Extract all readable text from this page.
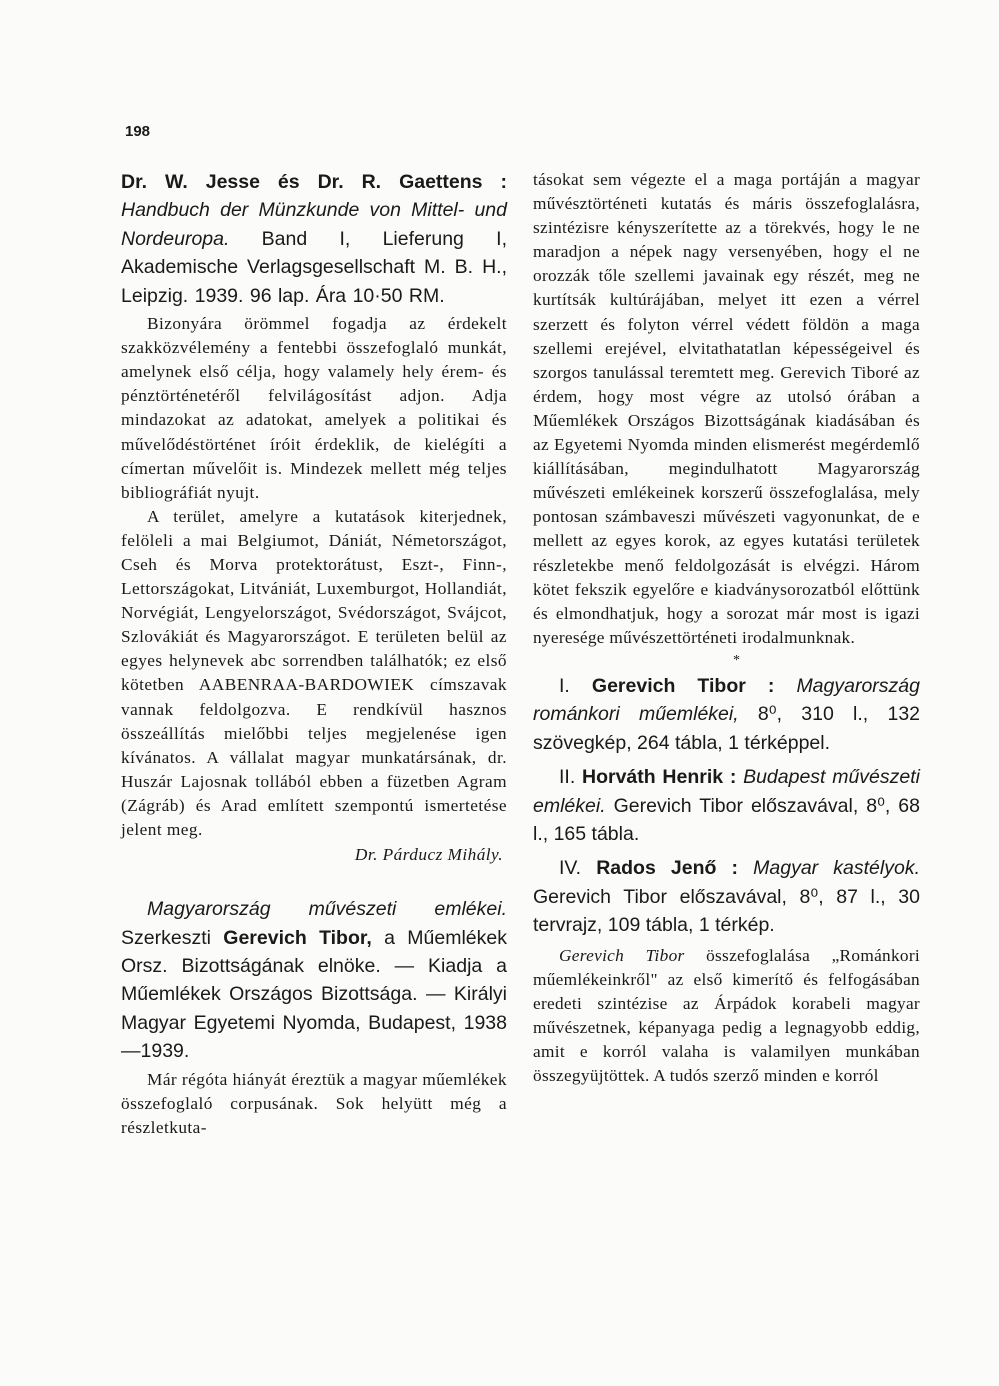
198

Dr. W. Jesse és Dr. R. Gaettens : Handbuch der Münzkunde von Mittel- und Nordeuropa. Band I, Lieferung I, Akademische Verlagsgesellschaft M. B. H., Leipzig. 1939. 96 lap. Ára 10·50 RM.

Bizonyára örömmel fogadja az érdekelt szakközvélemény a fentebbi összefoglaló munkát, amelynek első célja, hogy valamely hely érem- és pénztörténetéről felvilágosítást adjon. Adja mindazokat az adatokat, amelyek a politikai és művelődéstörténet íróit érdeklik, de kielégíti a címertan művelőit is. Mindezek mellett még teljes bibliográfiát nyujt.

A terület, amelyre a kutatások kiterjednek, felöleli a mai Belgiumot, Dániát, Németországot, Cseh és Morva protektorátust, Eszt-, Finn-, Lettországokat, Litvániát, Luxemburgot, Hollandiát, Norvégiát, Lengyelországot, Svédországot, Svájcot, Szlovákiát és Magyarországot. E területen belül az egyes helynevek abc sorrendben találhatók; ez első kötetben AABENRAA-BARDOWIEK címszavak vannak feldolgozva. E rendkívül hasznos összeállítás mielőbbi teljes megjelenése igen kívánatos. A vállalat magyar munkatársának, dr. Huszár Lajosnak tollából ebben a füzetben Agram (Zágráb) és Arad említett szempontú ismertetése jelent meg.

Dr. Párducz Mihály.

Magyarország művészeti emlékei. Szerkeszti Gerevich Tibor, a Műemlékek Orsz. Bizottságának elnöke. — Kiadja a Műemlékek Országos Bizottsága. — Királyi Magyar Egyetemi Nyomda, Budapest, 1938—1939.

Már régóta hiányát éreztük a magyar műemlékek összefoglaló corpusának. Sok helyütt még a részletkuta-

tásokat sem végezte el a maga portáján a magyar művésztörténeti kutatás és máris összefoglalásra, szintézisre kényszerítette az a törekvés, hogy le ne maradjon a népek nagy versenyében, hogy el ne orozzák tőle szellemi javainak egy részét, meg ne kurtítsák kultúrájában, melyet itt ezen a vérrel szerzett és folyton vérrel védett földön a maga szellemi erejével, elvitathatatlan képességeivel és szorgos tanulással teremtett meg. Gerevich Tiboré az érdem, hogy most végre az utolsó órában a Műemlékek Országos Bizottságának kiadásában és az Egyetemi Nyomda minden elismerést megérdemlő kiállításában, megindulhatott Magyarország művészeti emlékeinek korszerű összefoglalása, mely pontosan számbaveszi művészeti vagyonunkat, de e mellett az egyes korok, az egyes kutatási területek részletekbe menő feldolgozását is elvégzi. Három kötet fekszik egyelőre e kiadványsorozatból előttünk és elmondhatjuk, hogy a sorozat már most is igazi nyeresége művészettörténeti irodalmunknak.

*

I. Gerevich Tibor : Magyarország románkori műemlékei, 8⁰, 310 l., 132 szövegkép, 264 tábla, 1 térképpel.

II. Horváth Henrik : Budapest művészeti emlékei. Gerevich Tibor előszavával, 8⁰, 68 l., 165 tábla.

IV. Rados Jenő : Magyar kastélyok. Gerevich Tibor előszavával, 8⁰, 87 l., 30 tervrajz, 109 tábla, 1 térkép.

Gerevich Tibor összefoglalása „Románkori műemlékeinkről" az első kimerítő és felfogásában eredeti szintézise az Árpádok korabeli magyar művészetnek, képanyaga pedig a legnagyobb eddig, amit e korról valaha is valamilyen munkában összegyüjtöttek. A tudós szerző minden e korról
